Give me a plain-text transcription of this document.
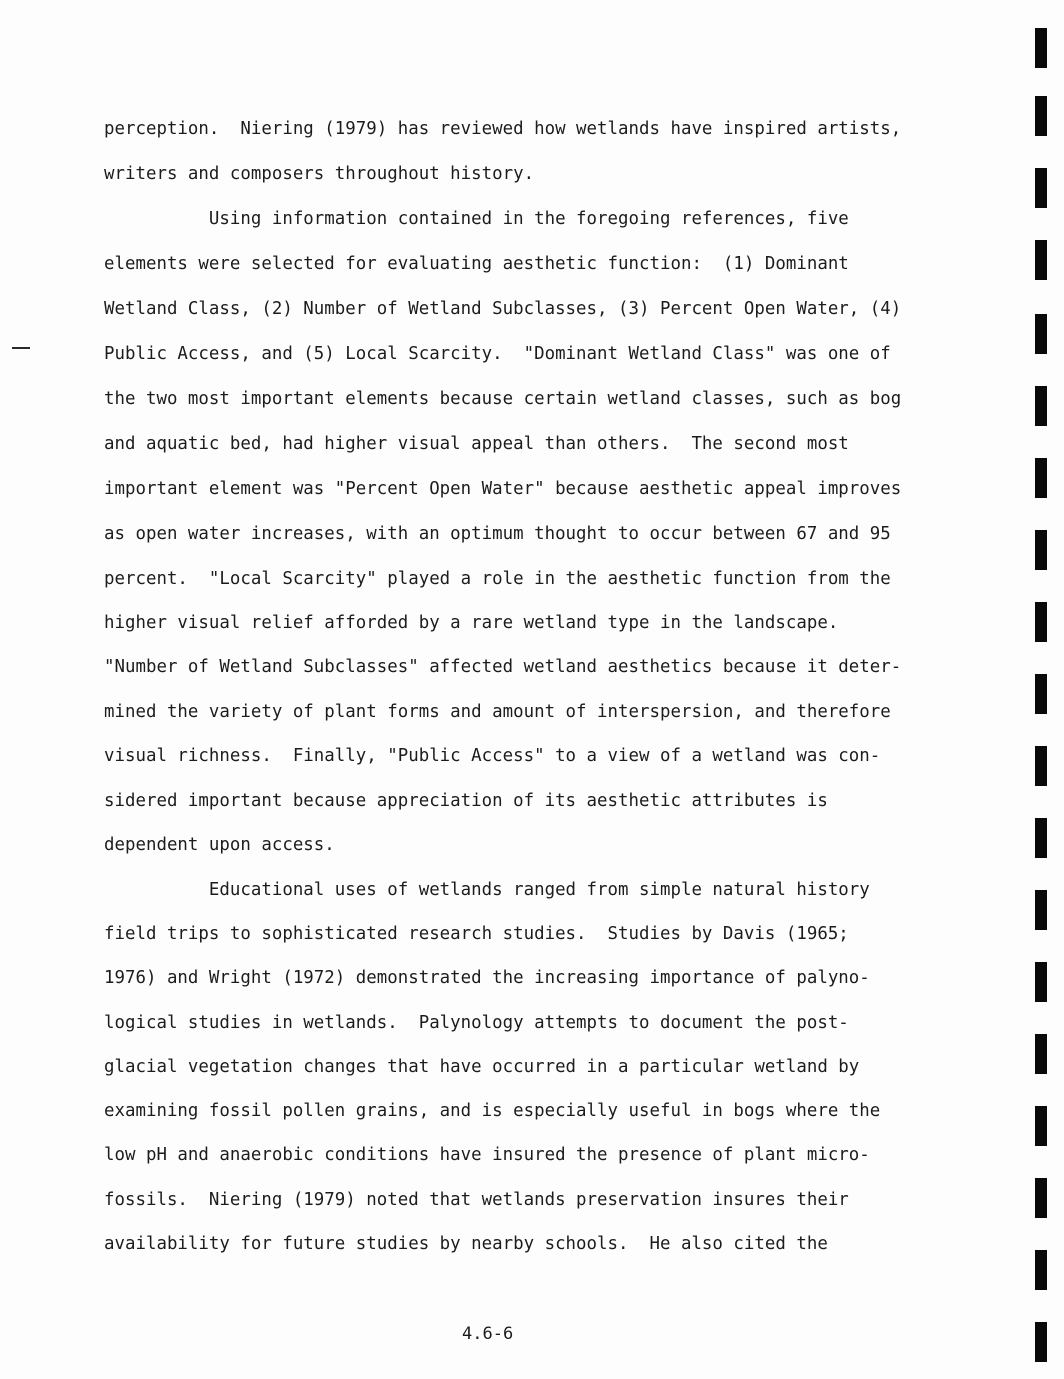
perception.  Niering (1979) has reviewed how wetlands have inspired artists,
writers and composers throughout history.
Using information contained in the foregoing references, five
elements were selected for evaluating aesthetic function:  (1) Dominant
Wetland Class, (2) Number of Wetland Subclasses, (3) Percent Open Water, (4)
Public Access, and (5) Local Scarcity.  "Dominant Wetland Class" was one of
the two most important elements because certain wetland classes, such as bog
and aquatic bed, had higher visual appeal than others.  The second most
important element was "Percent Open Water" because aesthetic appeal improves
as open water increases, with an optimum thought to occur between 67 and 95
percent.  "Local Scarcity" played a role in the aesthetic function from the
higher visual relief afforded by a rare wetland type in the landscape.
"Number of Wetland Subclasses" affected wetland aesthetics because it deter-
mined the variety of plant forms and amount of interspersion, and therefore
visual richness.  Finally, "Public Access" to a view of a wetland was con-
sidered important because appreciation of its aesthetic attributes is
dependent upon access.
Educational uses of wetlands ranged from simple natural history
field trips to sophisticated research studies.  Studies by Davis (1965;
1976) and Wright (1972) demonstrated the increasing importance of palyno-
logical studies in wetlands.  Palynology attempts to document the post-
glacial vegetation changes that have occurred in a particular wetland by
examining fossil pollen grains, and is especially useful in bogs where the
low pH and anaerobic conditions have insured the presence of plant micro-
fossils.  Niering (1979) noted that wetlands preservation insures their
availability for future studies by nearby schools.  He also cited the
4.6-6
